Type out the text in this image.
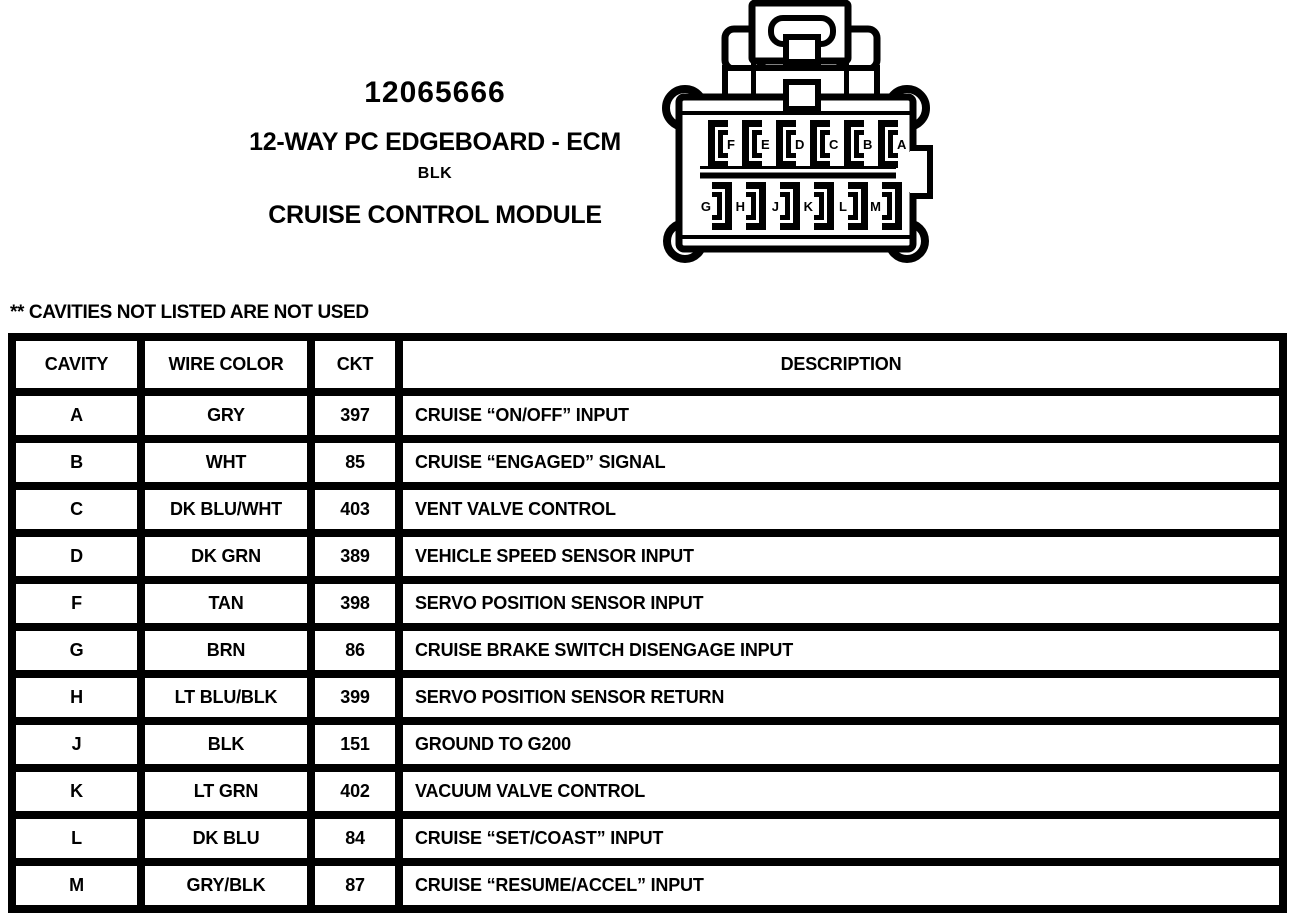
12065666
12-WAY PC EDGEBOARD - ECM
BLK
CRUISE CONTROL MODULE
F E D C B A
G H J K L M
** CAVITIES NOT LISTED ARE NOT USED
CAVITY	WIRE COLOR	CKT	DESCRIPTION
A	GRY	397	CRUISE “ON/OFF” INPUT
B	WHT	85	CRUISE “ENGAGED” SIGNAL
C	DK BLU/WHT	403	VENT VALVE CONTROL
D	DK GRN	389	VEHICLE SPEED SENSOR INPUT
F	TAN	398	SERVO POSITION SENSOR INPUT
G	BRN	86	CRUISE BRAKE SWITCH DISENGAGE INPUT
H	LT BLU/BLK	399	SERVO POSITION SENSOR RETURN
J	BLK	151	GROUND TO G200
K	LT GRN	402	VACUUM VALVE CONTROL
L	DK BLU	84	CRUISE “SET/COAST” INPUT
M	GRY/BLK	87	CRUISE “RESUME/ACCEL” INPUT
